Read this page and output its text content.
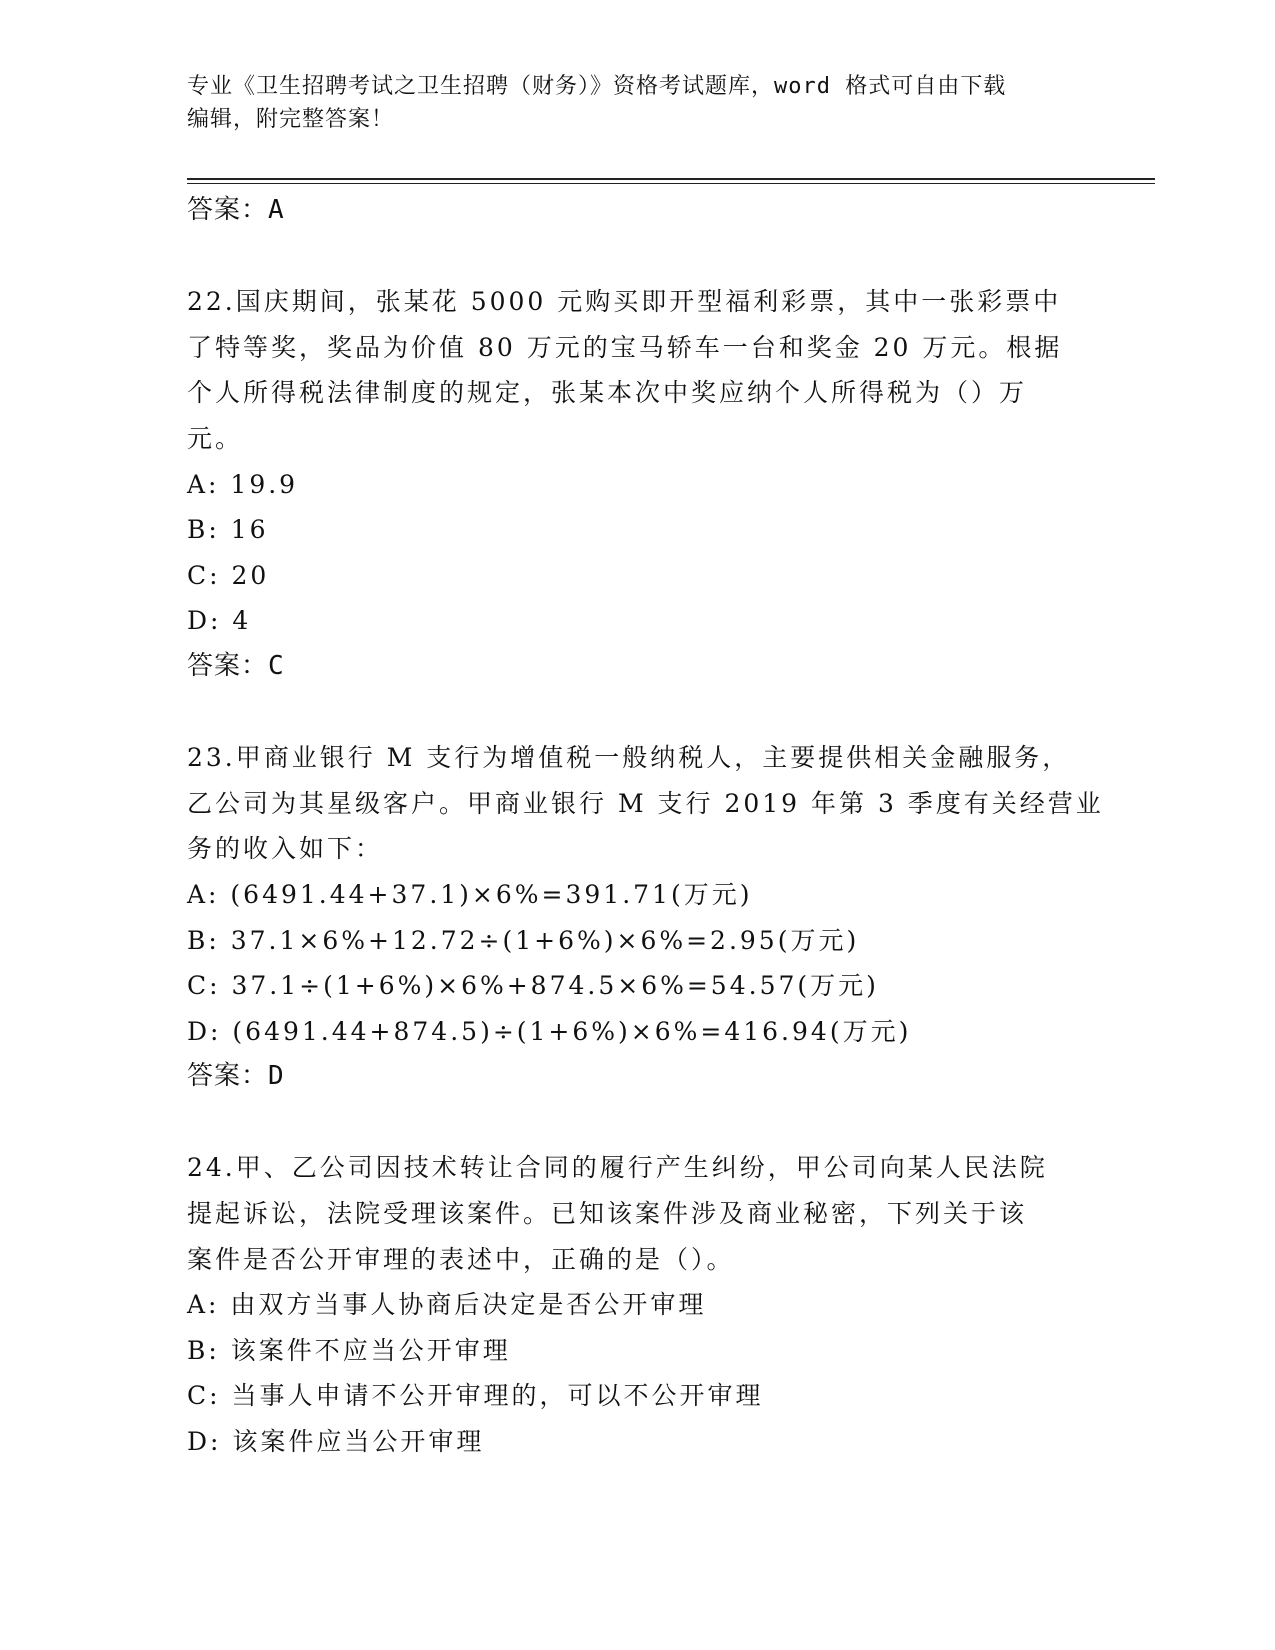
专业《卫生招聘考试之卫生招聘（财务）》资格考试题库，word 格式可自由下载
编辑，附完整答案！
答案：A
22.国庆期间，张某花 5000 元购买即开型福利彩票，其中一张彩票中
了特等奖，奖品为价值 80 万元的宝马轿车一台和奖金 20 万元。根据
个人所得税法律制度的规定，张某本次中奖应纳个人所得税为（）万
元。
A: 19.9
B: 16
C: 20
D: 4
答案：C
23.甲商业银行 M 支行为增值税一般纳税人，主要提供相关金融服务，
乙公司为其星级客户。甲商业银行 M 支行 2019 年第 3 季度有关经营业
务的收入如下：
A: (6491.44+37.1)×6%=391.71(万元)
B: 37.1×6%+12.72÷(1+6%)×6%=2.95(万元)
C: 37.1÷(1+6%)×6%+874.5×6%=54.57(万元)
D: (6491.44+874.5)÷(1+6%)×6%=416.94(万元)
答案：D
24.甲、乙公司因技术转让合同的履行产生纠纷，甲公司向某人民法院
提起诉讼，法院受理该案件。已知该案件涉及商业秘密，下列关于该
案件是否公开审理的表述中，正确的是（）。
A: 由双方当事人协商后决定是否公开审理
B: 该案件不应当公开审理
C: 当事人申请不公开审理的，可以不公开审理
D: 该案件应当公开审理
